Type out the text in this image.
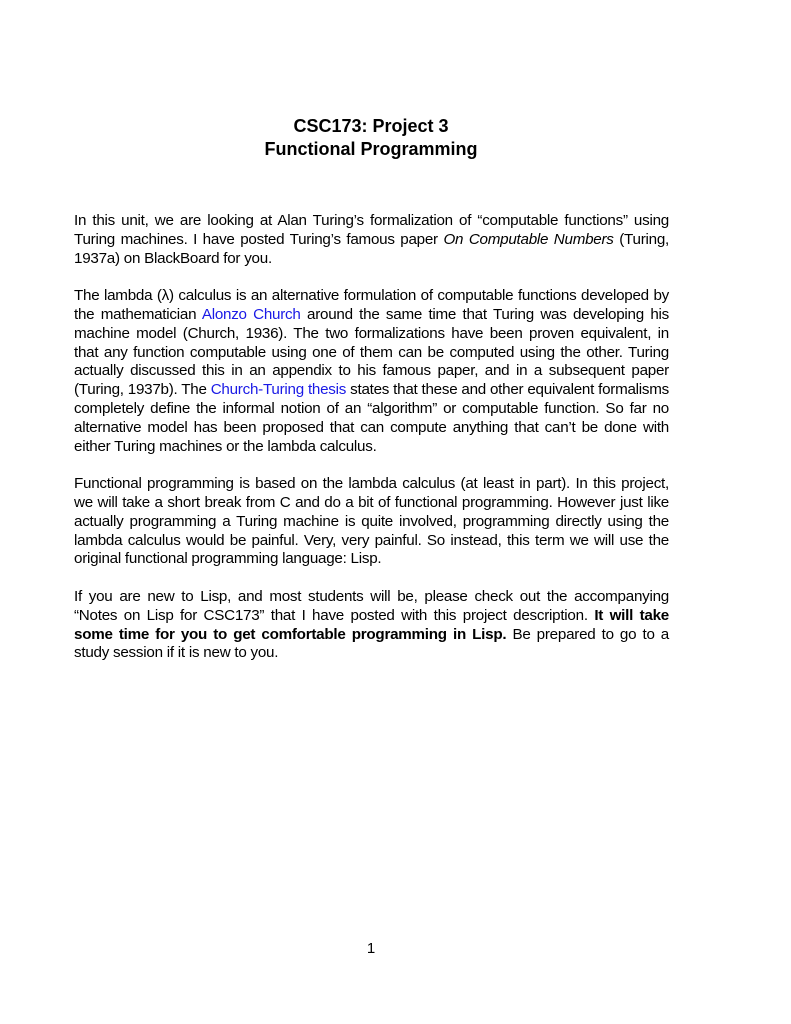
CSC173: Project 3
Functional Programming

In this unit, we are looking at Alan Turing’s formalization of “computable functions” using Turing machines. I have posted Turing’s famous paper On Computable Numbers (Turing, 1937a) on BlackBoard for you.

The lambda (λ) calculus is an alternative formulation of computable functions developed by the mathematician Alonzo Church around the same time that Turing was developing his machine model (Church, 1936). The two formalizations have been proven equivalent, in that any function computable using one of them can be computed using the other. Turing actually discussed this in an appendix to his famous paper, and in a subsequent paper (Turing, 1937b). The Church-Turing thesis states that these and other equivalent formalisms completely define the informal notion of an “algorithm” or computable function. So far no alternative model has been proposed that can compute anything that can’t be done with either Turing machines or the lambda calculus.

Functional programming is based on the lambda calculus (at least in part). In this project, we will take a short break from C and do a bit of functional programming. However just like actually programming a Turing machine is quite involved, programming directly using the lambda calculus would be painful. Very, very painful. So instead, this term we will use the original functional programming language: Lisp.

If you are new to Lisp, and most students will be, please check out the accompanying “Notes on Lisp for CSC173” that I have posted with this project description. It will take some time for you to get comfortable programming in Lisp. Be prepared to go to a study session if it is new to you.

1
